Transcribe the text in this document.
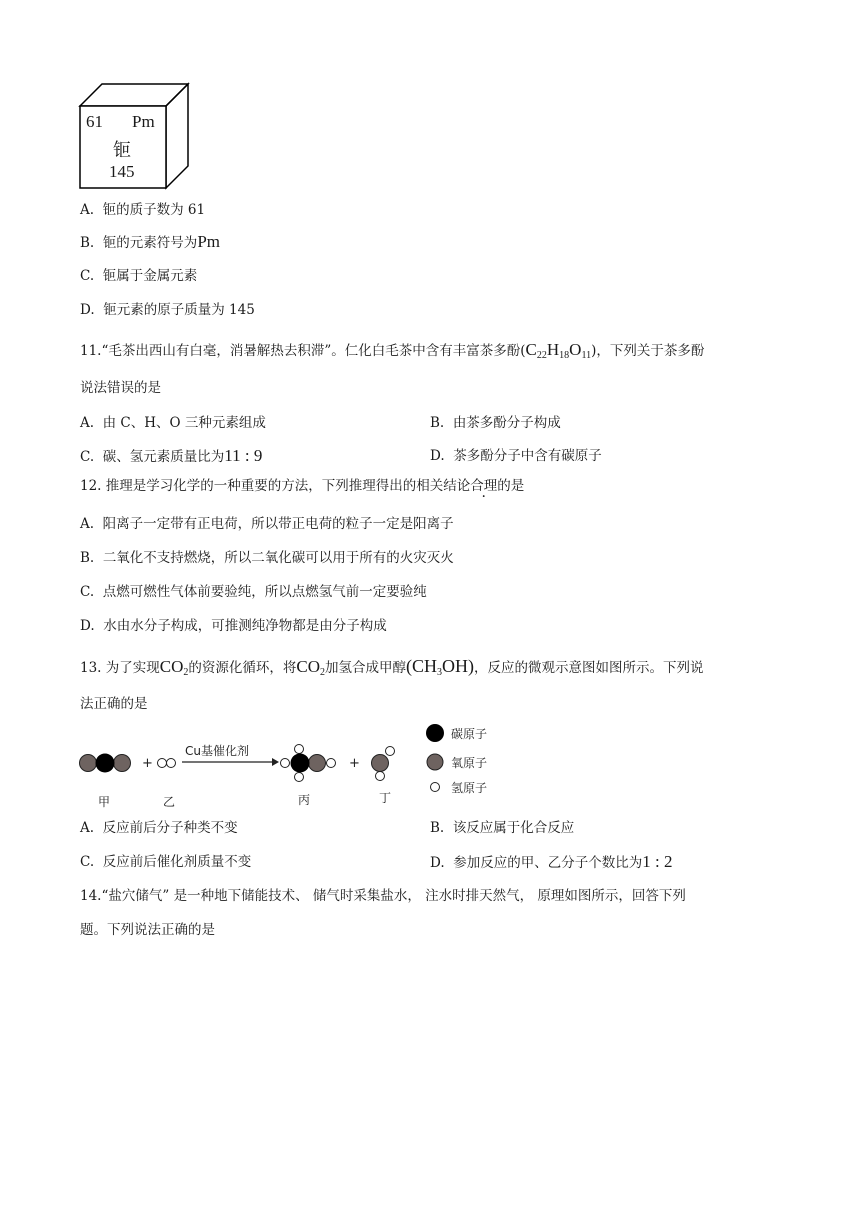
61 Pm
钷
145
A. 钷的质子数为 61
B. 钷的元素符号为Pm
C. 钷属于金属元素
D. 钷元素的原子质量为 145
11.“毛茶出西山有白毫，消暑解热去积滞”。仁化白毛茶中含有丰富茶多酚$(C_{22}H_{18}O_{11})$，下列关于茶多酚
说法错误的是
A. 由 C、H、O 三种元素组成	B. 由茶多酚分子构成
C. 碳、氢元素质量比为11 : 9	D. 茶多酚分子中含有碳原子
12. 推理是学习化学的一种重要的方法，下列推理得出的相关结论合理的是
A. 阳离子一定带有正电荷，所以带正电荷的粒子一定是阳离子
B. 二氧化不支持燃烧，所以二氧化碳可以用于所有的火灾灭火
C. 点燃可燃性气体前要验纯，所以点燃氢气前一定要验纯
D. 水由水分子构成，可推测纯净物都是由分子构成
13. 为了实现$CO_2$的资源化循环，将$CO_2$加氢合成甲醇$(CH_3OH)$，反应的微观示意图如图所示。下列说
法正确的是
+
Cu基催化剂
+
甲	乙	丙	丁
碳原子
氧原子
氢原子
A. 反应前后分子种类不变	B. 该反应属于化合反应
C. 反应前后催化剂质量不变	D. 参加反应的甲、乙分子个数比为1 : 2
14.“盐穴储气” 是一种地下储能技术、 储气时采集盐水， 注水时排天然气， 原理如图所示，回答下列
题。下列说法正确的是
